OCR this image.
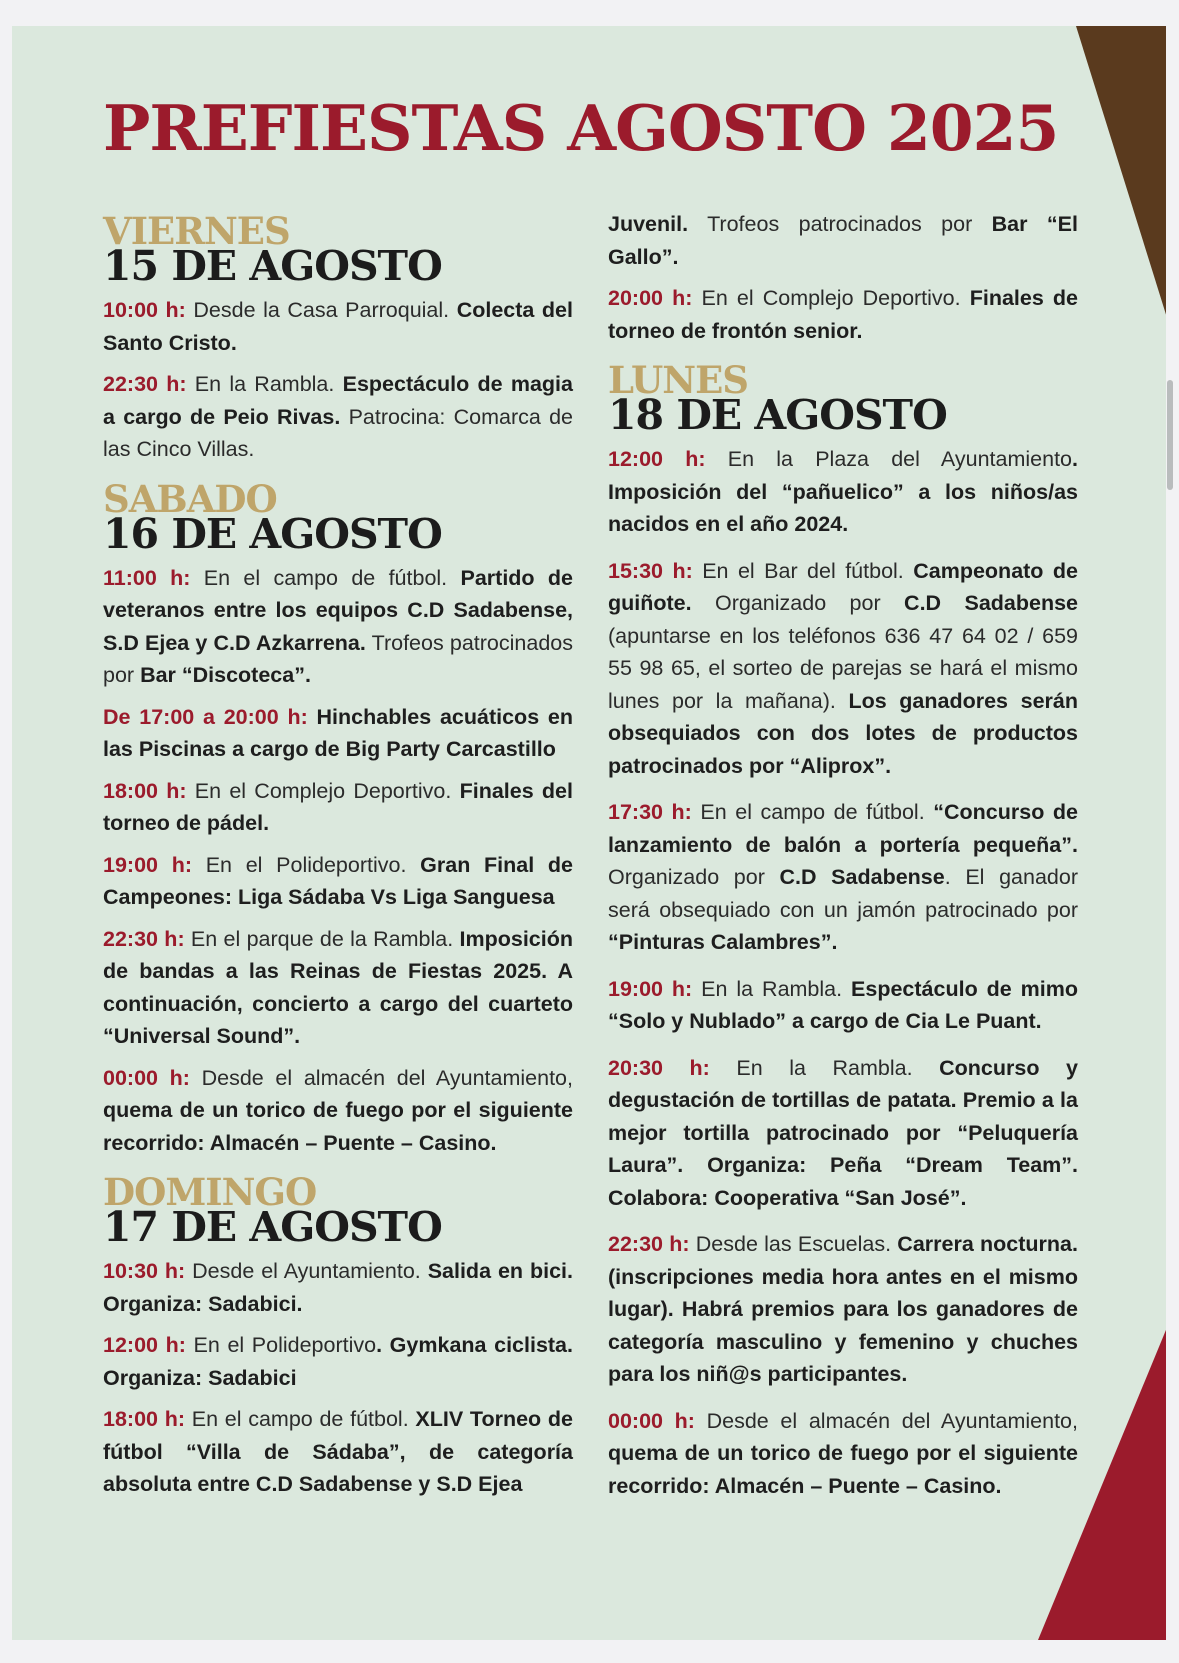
PREFIESTAS AGOSTO 2025
VIERNES
15 DE AGOSTO

10:00 h: Desde la Casa Parroquial. Colecta del Santo Cristo.

22:30 h: En la Rambla. Espectáculo de magia a cargo de Peio Rivas. Patrocina: Comarca de las Cinco Villas.

SABADO
16 DE AGOSTO

11:00 h: En el campo de fútbol. Partido de veteranos entre los equipos C.D Sadabense, S.D Ejea y C.D Azkarrena. Trofeos patrocinados por Bar “Discoteca”.

De 17:00 a 20:00 h: Hinchables acuáticos en las Piscinas a cargo de Big Party Carcastillo

18:00 h: En el Complejo Deportivo. Finales del torneo de pádel.

19:00 h: En el Polideportivo. Gran Final de Campeones: Liga Sádaba Vs Liga Sanguesa

22:30 h: En el parque de la Rambla. Imposición de bandas a las Reinas de Fiestas 2025. A continuación, concierto a cargo del cuarteto “Universal Sound”.

00:00 h: Desde el almacén del Ayuntamiento, quema de un torico de fuego por el siguiente recorrido: Almacén – Puente – Casino.

DOMINGO
17 DE AGOSTO

10:30 h: Desde el Ayuntamiento. Salida en bici. Organiza: Sadabici.

12:00 h: En el Polideportivo. Gymkana ciclista. Organiza: Sadabici

18:00 h: En el campo de fútbol. XLIV Torneo de fútbol “Villa de Sádaba”, de categoría absoluta entre C.D Sadabense y S.D Ejea

Juvenil. Trofeos patrocinados por Bar “El Gallo”.

20:00 h: En el Complejo Deportivo. Finales de torneo de frontón senior.

LUNES
18 DE AGOSTO

12:00 h: En la Plaza del Ayuntamiento. Imposición del “pañuelico” a los niños/as nacidos en el año 2024.

15:30 h: En el Bar del fútbol. Campeonato de guiñote. Organizado por C.D Sadabense (apuntarse en los teléfonos 636 47 64 02 / 659 55 98 65, el sorteo de parejas se hará el mismo lunes por la mañana). Los ganadores serán obsequiados con dos lotes de productos patrocinados por “Aliprox”.

17:30 h: En el campo de fútbol. “Concurso de lanzamiento de balón a portería pequeña”. Organizado por C.D Sadabense. El ganador será obsequiado con un jamón patrocinado por “Pinturas Calambres”.

19:00 h: En la Rambla. Espectáculo de mimo “Solo y Nublado” a cargo de Cia Le Puant.

20:30 h: En la Rambla. Concurso y degustación de tortillas de patata. Premio a la mejor tortilla patrocinado por “Peluquería Laura”. Organiza: Peña “Dream Team”. Colabora: Cooperativa “San José”.

22:30 h: Desde las Escuelas. Carrera nocturna. (inscripciones media hora antes en el mismo lugar). Habrá premios para los ganadores de categoría masculino y femenino y chuches para los niñ@s participantes.

00:00 h: Desde el almacén del Ayuntamiento, quema de un torico de fuego por el siguiente recorrido: Almacén – Puente – Casino.
